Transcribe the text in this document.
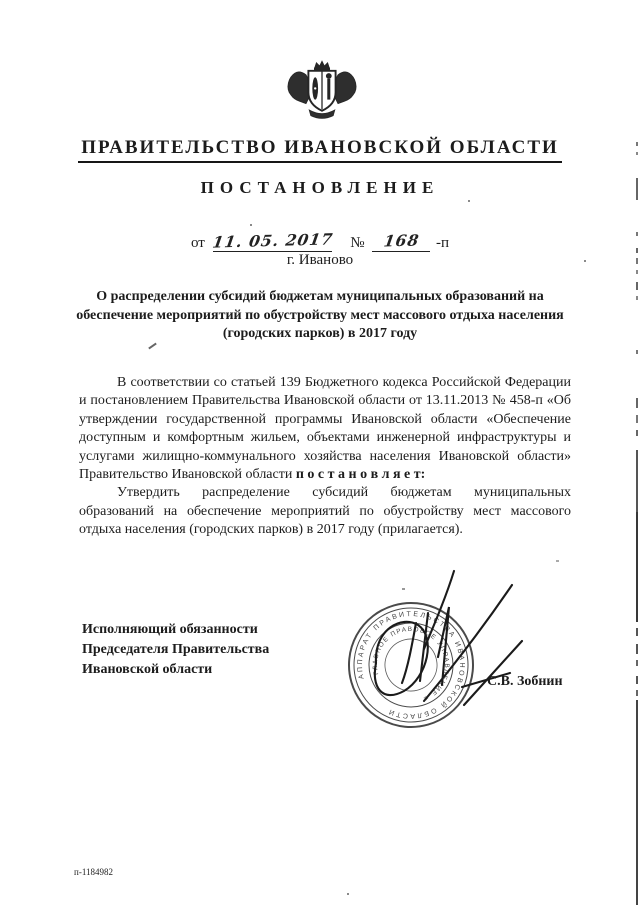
ПРАВИТЕЛЬСТВО ИВАНОВСКОЙ ОБЛАСТИ
ПОСТАНОВЛЕНИЕ
от 11. 05. 2017 № 168 -п
г. Иваново
О распределении субсидий бюджетам муниципальных образований на обеспечение мероприятий по обустройству мест массового отдыха населения (городских парков) в 2017 году

В соответствии со статьей 139 Бюджетного кодекса Российской Федерации и постановлением Правительства Ивановской области от 13.11.2013 № 458-п «Об утверждении государственной программы Ивановской области «Обеспечение доступным и комфортным жильем, объектами инженерной инфраструктуры и услугами жилищно-коммунального хозяйства населения Ивановской области» Правительство Ивановской области п о с т а н о в л я е т:

Утвердить распределение субсидий бюджетам муниципальных образований на обеспечение мероприятий по обустройству мест массового отдыха населения (городских парков) в 2017 году (прилагается).

Исполняющий обязанности
Председателя Правительства
Ивановской области
С.В. Зобнин
АППАРАТ ПРАВИТЕЛЬСТВА ИВАНОВСКОЙ ОБЛАСТИ
ГЛАВНОЕ ПРАВОВОЕ УПРАВЛЕНИЕ ✳
п-1184982
